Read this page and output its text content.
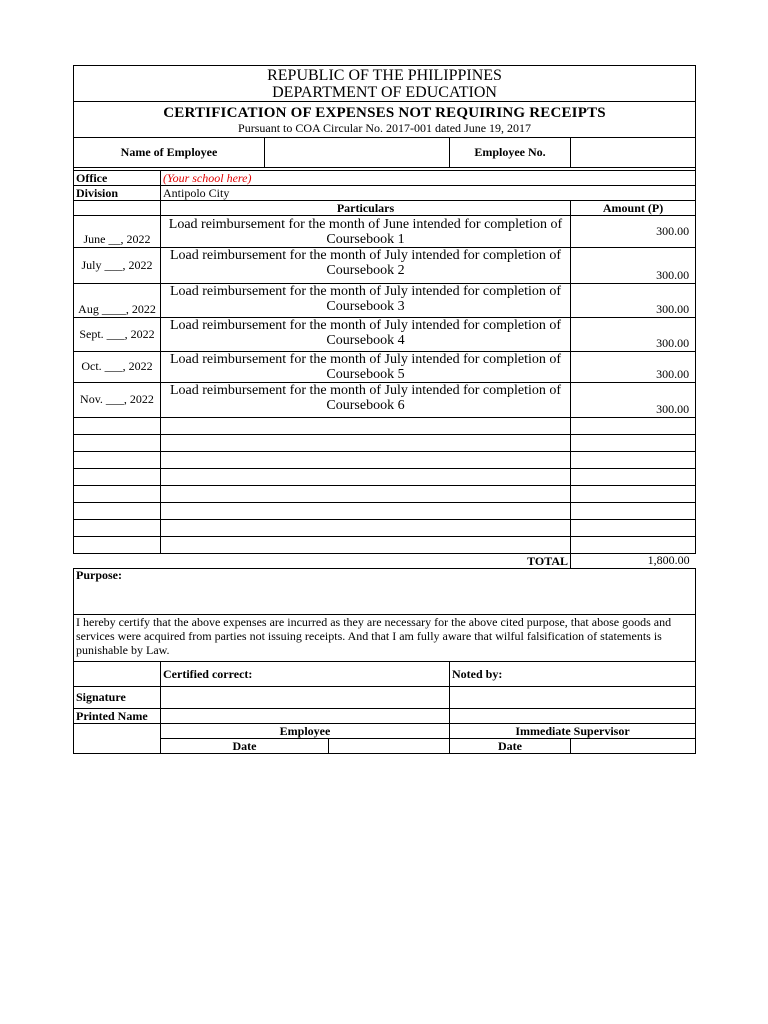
REPUBLIC OF THE PHILIPPINES
DEPARTMENT OF EDUCATION					

CERTIFICATION OF EXPENSES NOT REQUIRING RECEIPTS
Pursuant to COA Circular No. 2017-001 dated June 19, 2017					

Name of Employee				Employee No.	

Office	(Your school here)				
Division	Antipolo City				
	Particulars				Amount (P)
June __, 2022	Load reimbursement for the month of June intended for completion of Coursebook 1				300.00
July ___, 2022	Load reimbursement for the month of July intended for completion of Coursebook 2				300.00
Aug ____, 2022	Load reimbursement for the month of July intended for completion of Coursebook 3				300.00
Sept. ___, 2022	Load reimbursement for the month of July intended for completion of Coursebook 4				300.00
Oct. ___, 2022	Load reimbursement for the month of July intended for completion of Coursebook 5				300.00
Nov. ___, 2022	Load reimbursement for the month of July intended for completion of Coursebook 6				300.00

TOTAL					1,800.00
Purpose:					
I hereby certify that the above expenses are incurred as they are necessary for the above cited purpose, that abose goods and services were acquired from parties not issuing receipts. And that I am fully aware that wilful falsification of statements is punishable by Law.					
	Certified correct:			Noted by:	
Signature					
Printed Name					
	Employee			Immediate Supervisor	
	Date			Date	
